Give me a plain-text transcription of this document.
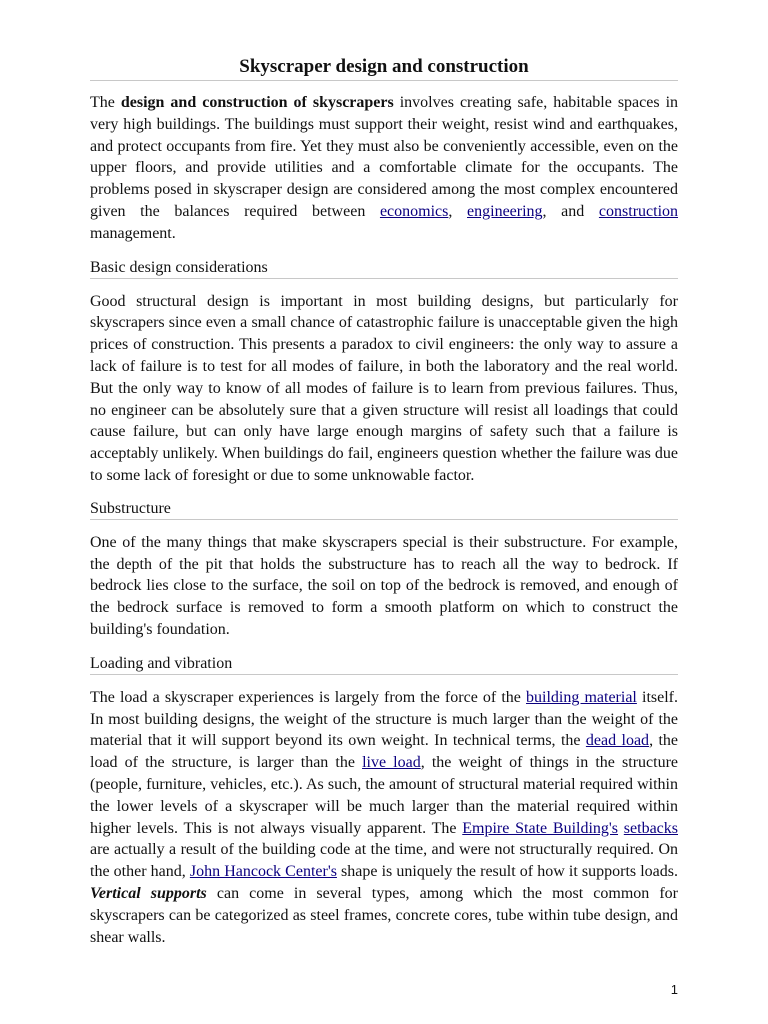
Skyscraper design and construction

The design and construction of skyscrapers involves creating safe, habitable spaces in very high buildings. The buildings must support their weight, resist wind and earthquakes, and protect occupants from fire. Yet they must also be conveniently accessible, even on the upper floors, and provide utilities and a comfortable climate for the occupants. The problems posed in skyscraper design are considered among the most complex encountered given the balances required between economics, engineering, and construction management.

Basic design considerations

Good structural design is important in most building designs, but particularly for skyscrapers since even a small chance of catastrophic failure is unacceptable given the high prices of construction. This presents a paradox to civil engineers: the only way to assure a lack of failure is to test for all modes of failure, in both the laboratory and the real world. But the only way to know of all modes of failure is to learn from previous failures. Thus, no engineer can be absolutely sure that a given structure will resist all loadings that could cause failure, but can only have large enough margins of safety such that a failure is acceptably unlikely. When buildings do fail, engineers question whether the failure was due to some lack of foresight or due to some unknowable factor.

Substructure

One of the many things that make skyscrapers special is their substructure. For example, the depth of the pit that holds the substructure has to reach all the way to bedrock. If bedrock lies close to the surface, the soil on top of the bedrock is removed, and enough of the bedrock surface is removed to form a smooth platform on which to construct the building's foundation.

Loading and vibration

The load a skyscraper experiences is largely from the force of the building material itself. In most building designs, the weight of the structure is much larger than the weight of the material that it will support beyond its own weight. In technical terms, the dead load, the load of the structure, is larger than the live load, the weight of things in the structure (people, furniture, vehicles, etc.). As such, the amount of structural material required within the lower levels of a skyscraper will be much larger than the material required within higher levels. This is not always visually apparent. The Empire State Building's setbacks are actually a result of the building code at the time, and were not structurally required. On the other hand, John Hancock Center's shape is uniquely the result of how it supports loads. Vertical supports can come in several types, among which the most common for skyscrapers can be categorized as steel frames, concrete cores, tube within tube design, and shear walls.

1
